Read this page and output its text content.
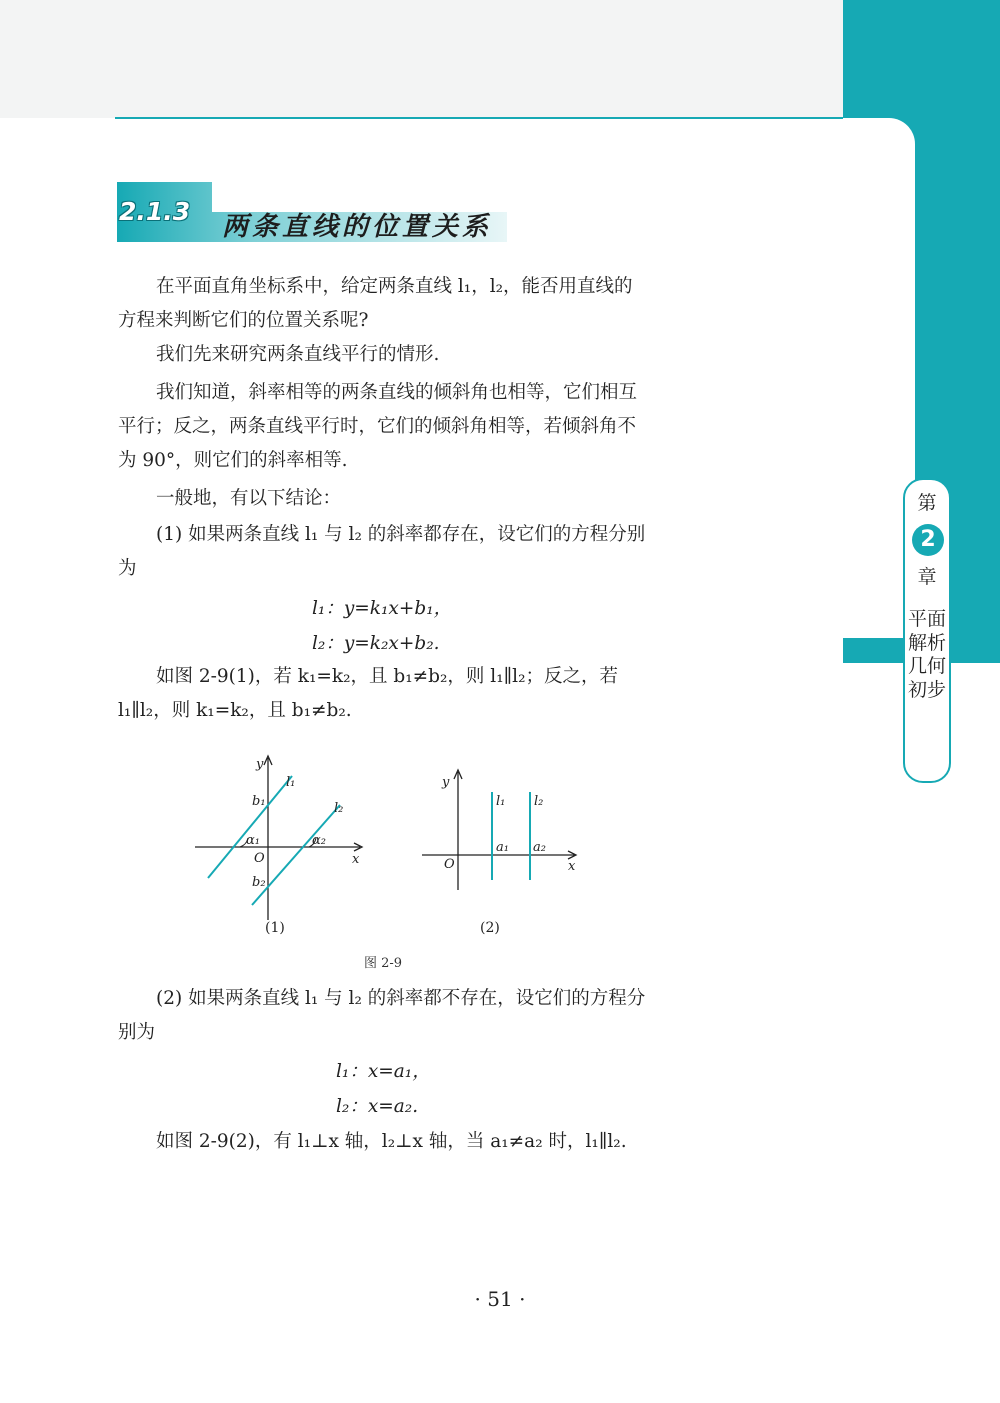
第
2
章
平面解析几何初步
2.1.3
两条直线的位置关系

在平面直角坐标系中，给定两条直线 l₁，l₂，能否用直线的方程来判断它们的位置关系呢?

我们先来研究两条直线平行的情形.

我们知道，斜率相等的两条直线的倾斜角也相等，它们相互平行；反之，两条直线平行时，它们的倾斜角相等，若倾斜角不为 90°，则它们的斜率相等.

一般地，有以下结论：

(1) 如果两条直线 l₁ 与 l₂ 的斜率都存在，设它们的方程分别为

l₁：y=k₁x+b₁，
l₂：y=k₂x+b₂.

如图 2-9(1)，若 k₁=k₂，且 b₁≠b₂，则 l₁∥l₂；反之，若 l₁∥l₂，则 k₁=k₂，且 b₁≠b₂.

y
x
O
l₁
l₂
b₁
b₂
α₁	α₂
y
x
O
l₁ l₂
a₁ a₂
(1)	(2)
图 2-9

(2) 如果两条直线 l₁ 与 l₂ 的斜率都不存在，设它们的方程分别为

l₁：x=a₁，
l₂：x=a₂.

如图 2-9(2)，有 l₁⊥x 轴，l₂⊥x 轴，当 a₁≠a₂ 时，l₁∥l₂.

· 51 ·
